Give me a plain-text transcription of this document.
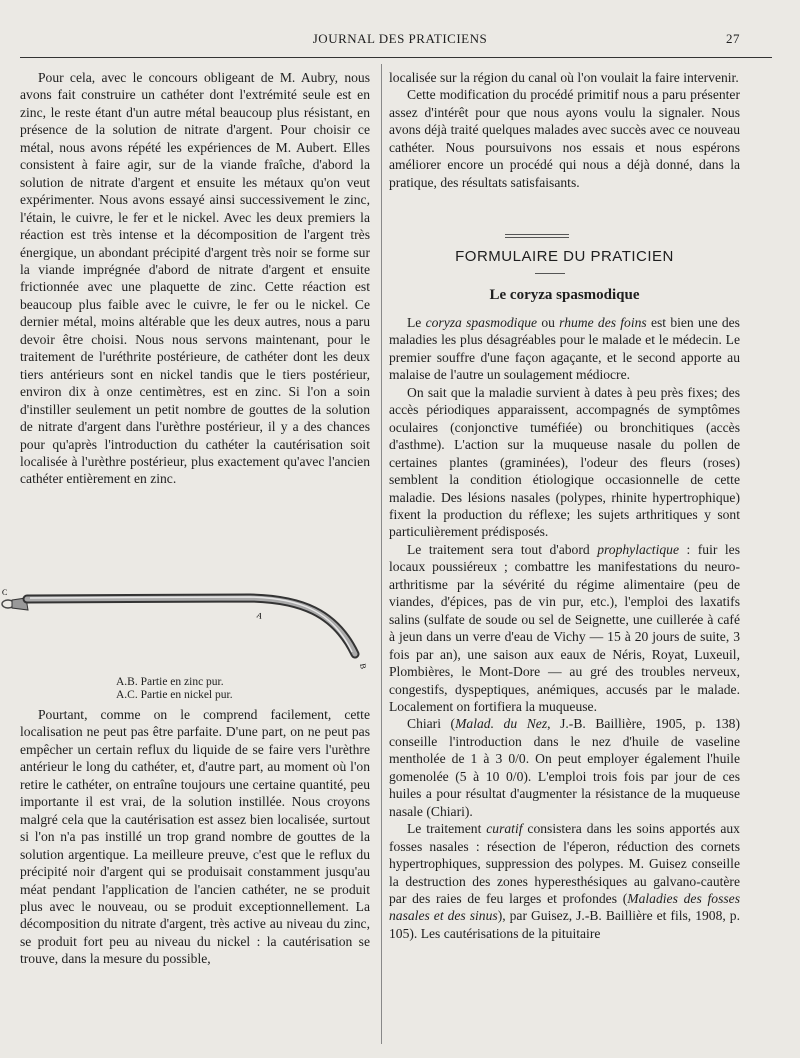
JOURNAL DES PRATICIENS	27

Pour cela, avec le concours obligeant de M. Aubry, nous avons fait construire un cathéter dont l'extrémité seule est en zinc, le reste étant d'un autre métal beaucoup plus résistant, en présence de la solution de nitrate d'argent. Pour choisir ce métal, nous avons répété les expériences de M. Aubert. Elles consistent à faire agir, sur de la viande fraîche, d'abord la solution de nitrate d'argent et ensuite les métaux qu'on veut expérimenter. Nous avons essayé ainsi successivement le zinc, l'étain, le cuivre, le fer et le nickel. Avec les deux premiers la réaction est très intense et la décomposition de l'argent très énergique, un abondant précipité d'argent très noir se forme sur la viande imprégnée d'abord de nitrate d'argent et ensuite frictionnée avec une plaquette de zinc. Cette réaction est beaucoup plus faible avec le cuivre, le fer ou le nickel. Ce dernier métal, moins altérable que les deux autres, nous a paru devoir être choisi. Nous nous servons maintenant, pour le traitement de l'uréthrite postérieure, de cathéter dont les deux tiers antérieurs sont en nickel tandis que le tiers postérieur, environ dix à onze centimètres, est en zinc. Si l'on a soin d'instiller seulement un petit nombre de gouttes de la solution de nitrate d'argent dans l'urèthre postérieur, il y a des chances pour qu'après l'introduction du cathéter la cautérisation soit localisée à l'urèthre postérieur, plus exactement qu'avec l'ancien cathéter entièrement en zinc.

A
B
C
A.B. Partie en zinc pur.
A.C. Partie en nickel pur.

Pourtant, comme on le comprend facilement, cette localisation ne peut pas être parfaite. D'une part, on ne peut pas empêcher un certain reflux du liquide de se faire vers l'urèthre antérieur le long du cathéter, et, d'autre part, au moment où l'on retire le cathéter, on entraîne toujours une certaine quantité, peu importante il est vrai, de la solution instillée. Nous croyons malgré cela que la cautérisation est assez bien localisée, surtout si l'on n'a pas instillé un trop grand nombre de gouttes de la solution argentique. La meilleure preuve, c'est que le reflux du précipité noir d'argent qui se produisait constamment jusqu'au méat pendant l'application de l'ancien cathéter, ne se produit plus avec le nouveau, ou se produit exceptionnellement. La décomposition du nitrate d'argent, très active au niveau du zinc, se produit fort peu au niveau du nickel : la cautérisation se trouve, dans la mesure du possible,

localisée sur la région du canal où l'on voulait la faire intervenir.

Cette modification du procédé primitif nous a paru présenter assez d'intérêt pour que nous ayons voulu la signaler. Nous avons déjà traité quelques malades avec succès avec ce nouveau cathéter. Nous poursuivons nos essais et nous espérons améliorer encore un procédé qui nous a déjà donné, dans la pratique, des résultats satisfaisants.

FORMULAIRE DU PRATICIEN
Le coryza spasmodique

Le coryza spasmodique ou rhume des foins est bien une des maladies les plus désagréables pour le malade et le médecin. Le premier souffre d'une façon agaçante, et le second apporte au malaise de l'autre un soulagement médiocre.

On sait que la maladie survient à dates à peu près fixes; des accès périodiques apparaissent, accompagnés de symptômes oculaires (conjonctive tuméfiée) ou bronchitiques (accès d'asthme). L'action sur la muqueuse nasale du pollen de certaines plantes (graminées), l'odeur des fleurs (roses) semblent la condition étiologique occasionnelle de cette maladie. Des lésions nasales (polypes, rhinite hypertrophique) fixent la production du réflexe; les sujets arthritiques y sont particulièrement prédisposés.

Le traitement sera tout d'abord prophylactique : fuir les locaux poussiéreux ; combattre les manifestations du neuro-arthritisme par la sévérité du régime alimentaire (peu de viandes, d'épices, pas de vin pur, etc.), l'emploi des laxatifs salins (sulfate de soude ou sel de Seignette, une cuillerée à café à jeun dans un verre d'eau de Vichy — 15 à 20 jours de suite, 3 fois par an), une saison aux eaux de Néris, Royat, Luxeuil, Plombières, le Mont-Dore — au gré des troubles nerveux, congestifs, dyspeptiques, anémiques, accusés par le malade. Localement on fortifiera la muqueuse.

Chiari (Malad. du Nez, J.-B. Baillière, 1905, p. 138) conseille l'introduction dans le nez d'huile de vaseline mentholée de 1 à 3 0/0. On peut employer également l'huile gomenolée (5 à 10 0/0). L'emploi trois fois par jour de ces huiles a pour résultat d'augmenter la résistance de la muqueuse nasale (Chiari).

Le traitement curatif consistera dans les soins apportés aux fosses nasales : résection de l'éperon, réduction des cornets hypertrophiques, suppression des polypes. M. Guisez conseille la destruction des zones hyperesthésiques au galvano-cautère par des raies de feu larges et profondes (Maladies des fosses nasales et des sinus), par Guisez, J.-B. Baillière et fils, 1908, p. 105). Les cautérisations de la pituitaire
